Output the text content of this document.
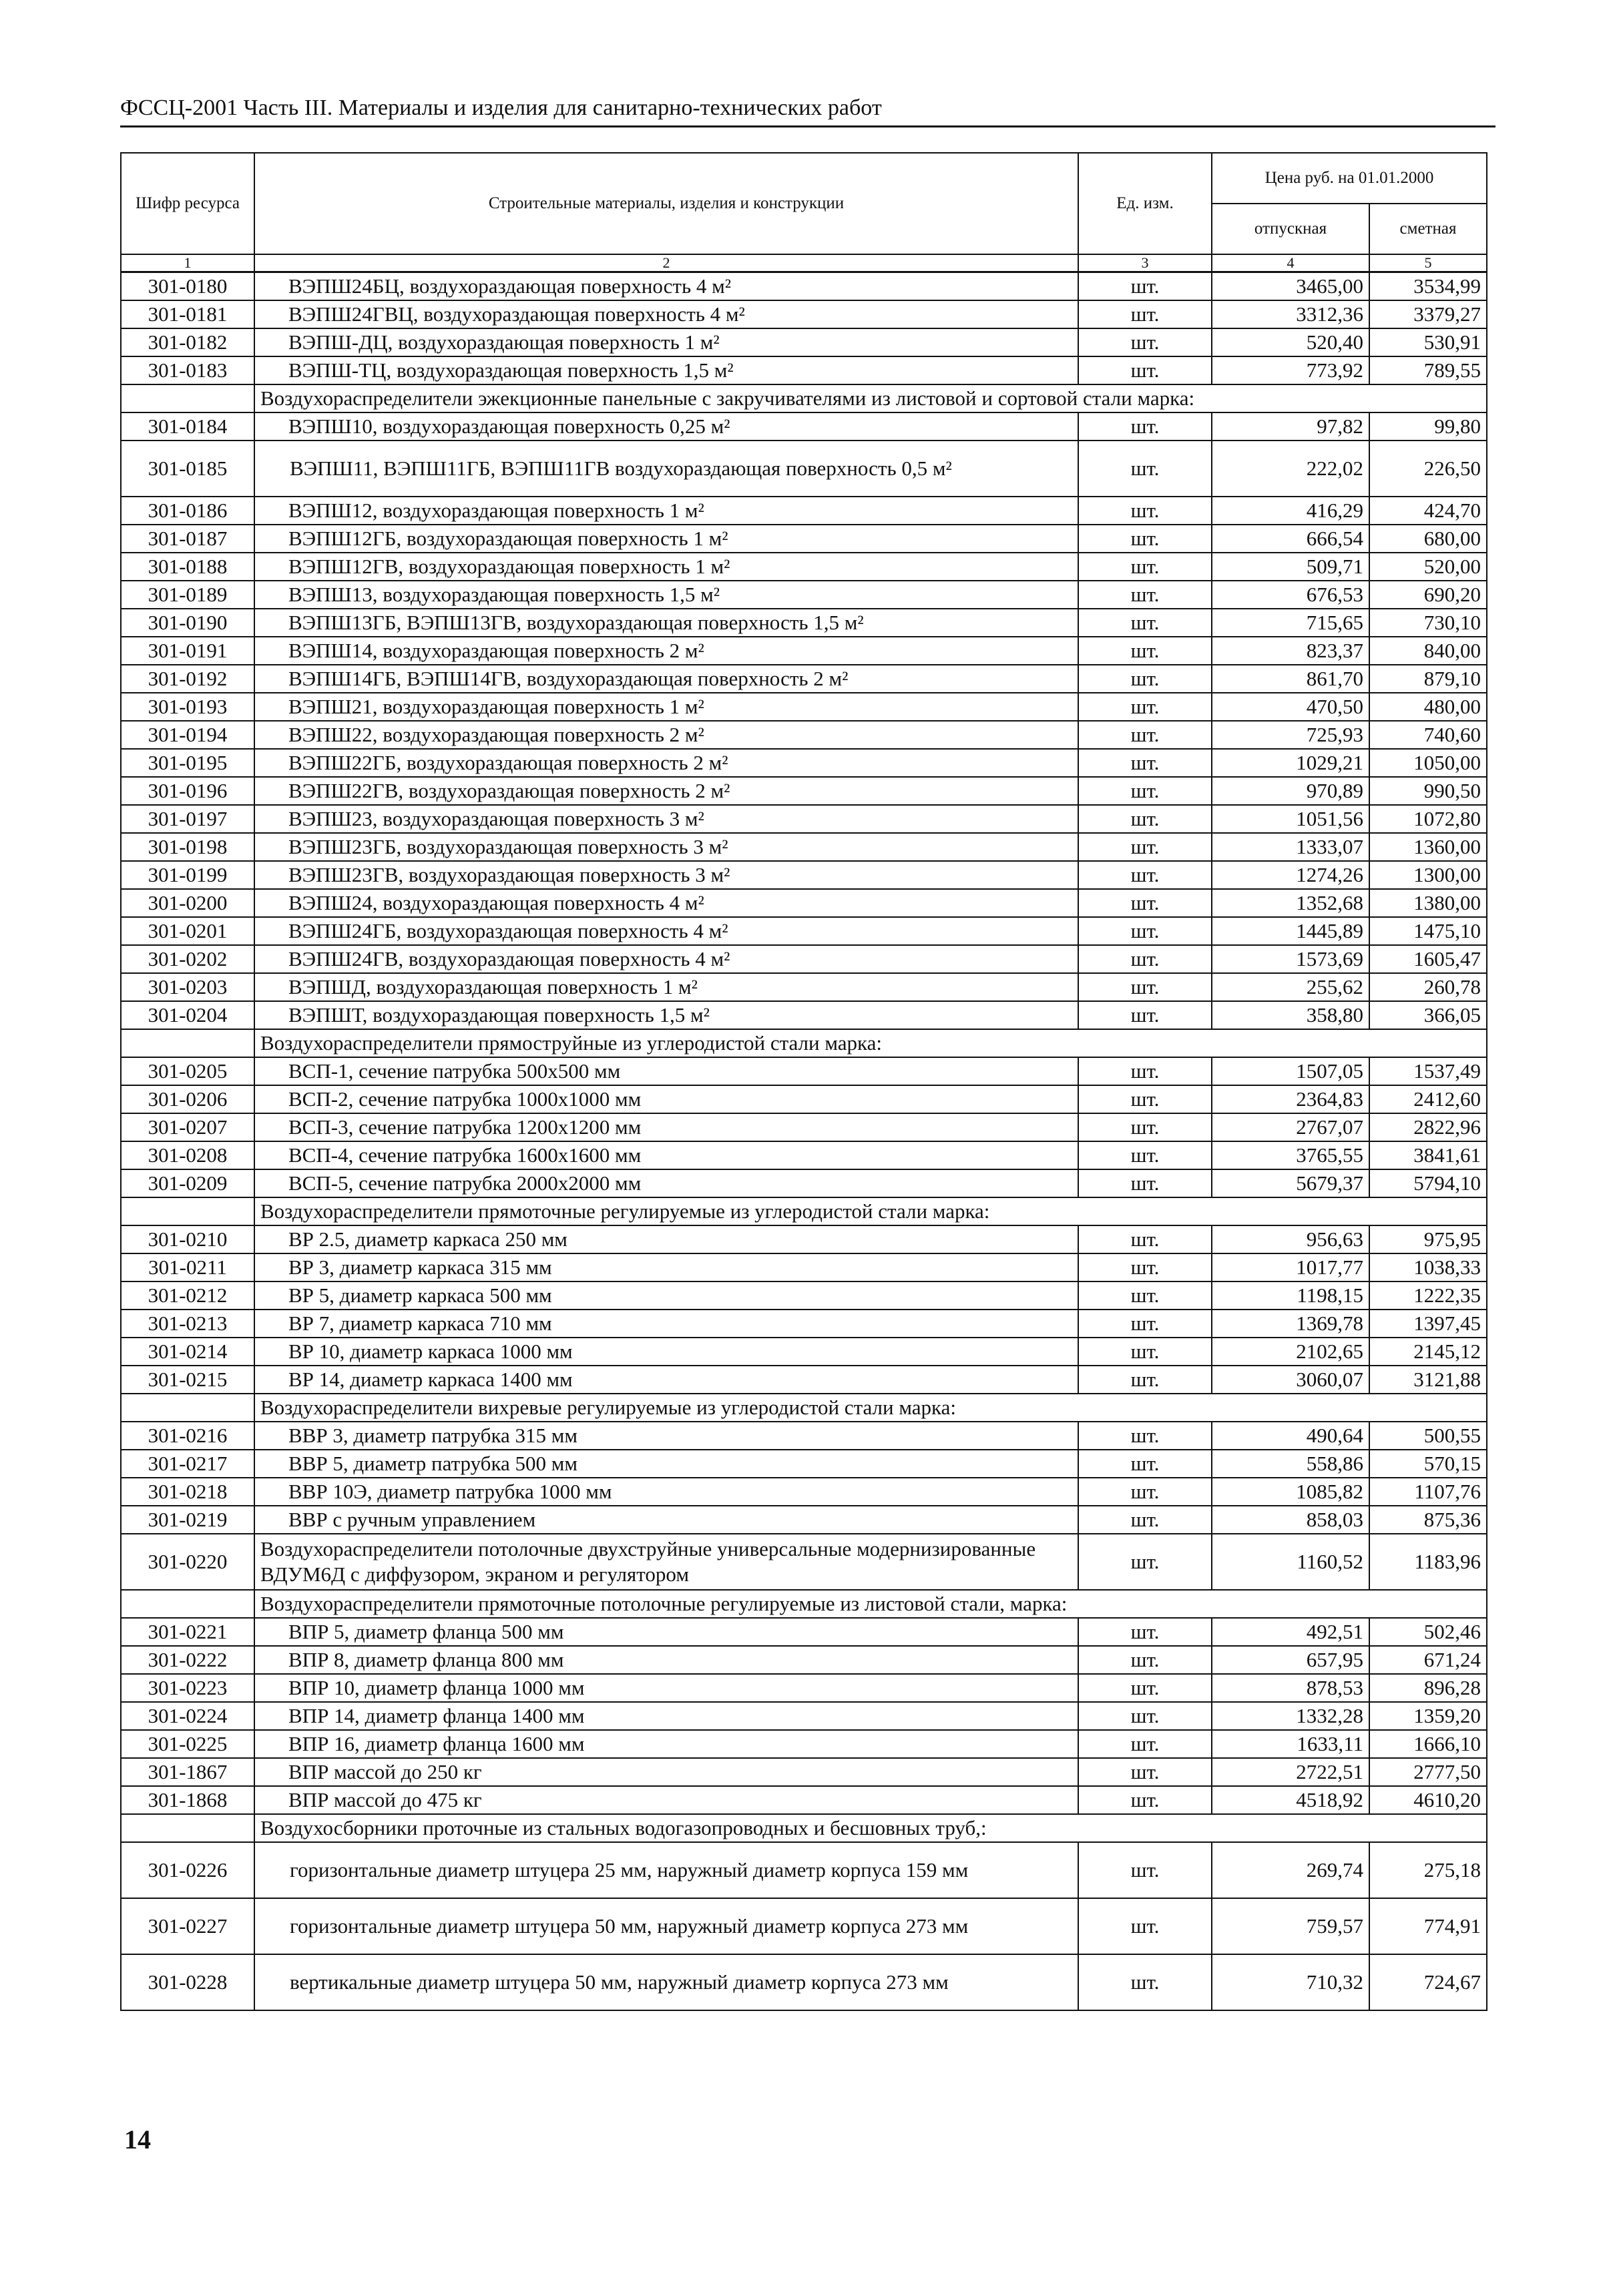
ФССЦ-2001 Часть III. Материалы и изделия для санитарно-технических работ
Шифр ресурса	Строительные материалы, изделия и конструкции	Ед. изм.	Цена руб. на 01.01.2000	
			отпускная	сметная
1	2	3	4	5
301-0180	ВЭПШ24БЦ, воздухораздающая поверхность 4 м²	шт.	3465,00	3534,99
301-0181	ВЭПШ24ГВЦ, воздухораздающая поверхность 4 м²	шт.	3312,36	3379,27
301-0182	ВЭПШ-ДЦ, воздухораздающая поверхность 1 м²	шт.	520,40	530,91
301-0183	ВЭПШ-ТЦ, воздухораздающая поверхность 1,5 м²	шт.	773,92	789,55
	Воздухораспределители эжекционные панельные с закручивателями из листовой и сортовой стали марка:			
301-0184	ВЭПШ10, воздухораздающая поверхность 0,25 м²	шт.	97,82	99,80
301-0185	ВЭПШ11, ВЭПШ11ГБ, ВЭПШ11ГВ воздухораздающая поверхность 0,5 м²	шт.	222,02	226,50
301-0186	ВЭПШ12, воздухораздающая поверхность 1 м²	шт.	416,29	424,70
301-0187	ВЭПШ12ГБ, воздухораздающая поверхность 1 м²	шт.	666,54	680,00
301-0188	ВЭПШ12ГВ, воздухораздающая поверхность 1 м²	шт.	509,71	520,00
301-0189	ВЭПШ13, воздухораздающая поверхность 1,5 м²	шт.	676,53	690,20
301-0190	ВЭПШ13ГБ, ВЭПШ13ГВ, воздухораздающая поверхность 1,5 м²	шт.	715,65	730,10
301-0191	ВЭПШ14, воздухораздающая поверхность 2 м²	шт.	823,37	840,00
301-0192	ВЭПШ14ГБ, ВЭПШ14ГВ, воздухораздающая поверхность 2 м²	шт.	861,70	879,10
301-0193	ВЭПШ21, воздухораздающая поверхность 1 м²	шт.	470,50	480,00
301-0194	ВЭПШ22, воздухораздающая поверхность 2 м²	шт.	725,93	740,60
301-0195	ВЭПШ22ГБ, воздухораздающая поверхность 2 м²	шт.	1029,21	1050,00
301-0196	ВЭПШ22ГВ, воздухораздающая поверхность 2 м²	шт.	970,89	990,50
301-0197	ВЭПШ23, воздухораздающая поверхность 3 м²	шт.	1051,56	1072,80
301-0198	ВЭПШ23ГБ, воздухораздающая поверхность 3 м²	шт.	1333,07	1360,00
301-0199	ВЭПШ23ГВ, воздухораздающая поверхность 3 м²	шт.	1274,26	1300,00
301-0200	ВЭПШ24, воздухораздающая поверхность 4 м²	шт.	1352,68	1380,00
301-0201	ВЭПШ24ГБ, воздухораздающая поверхность 4 м²	шт.	1445,89	1475,10
301-0202	ВЭПШ24ГВ, воздухораздающая поверхность 4 м²	шт.	1573,69	1605,47
301-0203	ВЭПШД, воздухораздающая поверхность 1 м²	шт.	255,62	260,78
301-0204	ВЭПШТ, воздухораздающая поверхность 1,5 м²	шт.	358,80	366,05
	Воздухораспределители прямоструйные из углеродистой стали марка:			
301-0205	ВСП-1, сечение патрубка 500х500 мм	шт.	1507,05	1537,49
301-0206	ВСП-2, сечение патрубка 1000х1000 мм	шт.	2364,83	2412,60
301-0207	ВСП-3, сечение патрубка 1200х1200 мм	шт.	2767,07	2822,96
301-0208	ВСП-4, сечение патрубка 1600х1600 мм	шт.	3765,55	3841,61
301-0209	ВСП-5, сечение патрубка 2000х2000 мм	шт.	5679,37	5794,10
	Воздухораспределители прямоточные регулируемые из углеродистой стали марка:			
301-0210	ВР 2.5, диаметр каркаса 250 мм	шт.	956,63	975,95
301-0211	ВР 3, диаметр каркаса 315 мм	шт.	1017,77	1038,33
301-0212	ВР 5, диаметр каркаса 500 мм	шт.	1198,15	1222,35
301-0213	ВР 7, диаметр каркаса 710 мм	шт.	1369,78	1397,45
301-0214	ВР 10, диаметр каркаса 1000 мм	шт.	2102,65	2145,12
301-0215	ВР 14, диаметр каркаса 1400 мм	шт.	3060,07	3121,88
	Воздухораспределители вихревые регулируемые из углеродистой стали марка:			
301-0216	ВВР 3, диаметр патрубка 315 мм	шт.	490,64	500,55
301-0217	ВВР 5, диаметр патрубка 500 мм	шт.	558,86	570,15
301-0218	ВВР 10Э, диаметр патрубка 1000 мм	шт.	1085,82	1107,76
301-0219	ВВР с ручным управлением	шт.	858,03	875,36
301-0220	Воздухораспределители потолочные двухструйные универсальные модернизированные ВДУМ6Д с диффузором, экраном и регулятором	шт.	1160,52	1183,96
	Воздухораспределители прямоточные потолочные регулируемые из листовой стали, марка:			
301-0221	ВПР 5, диаметр фланца 500 мм	шт.	492,51	502,46
301-0222	ВПР 8, диаметр фланца 800 мм	шт.	657,95	671,24
301-0223	ВПР 10, диаметр фланца 1000 мм	шт.	878,53	896,28
301-0224	ВПР 14, диаметр фланца 1400 мм	шт.	1332,28	1359,20
301-0225	ВПР 16, диаметр фланца 1600 мм	шт.	1633,11	1666,10
301-1867	ВПР массой до 250 кг	шт.	2722,51	2777,50
301-1868	ВПР массой до 475 кг	шт.	4518,92	4610,20
	Воздухосборники проточные из стальных водогазопроводных и бесшовных труб,:			
301-0226	горизонтальные диаметр штуцера 25 мм, наружный диаметр корпуса 159 мм	шт.	269,74	275,18
301-0227	горизонтальные диаметр штуцера 50 мм, наружный диаметр корпуса 273 мм	шт.	759,57	774,91
301-0228	вертикальные диаметр штуцера 50 мм, наружный диаметр корпуса 273 мм	шт.	710,32	724,67
14
